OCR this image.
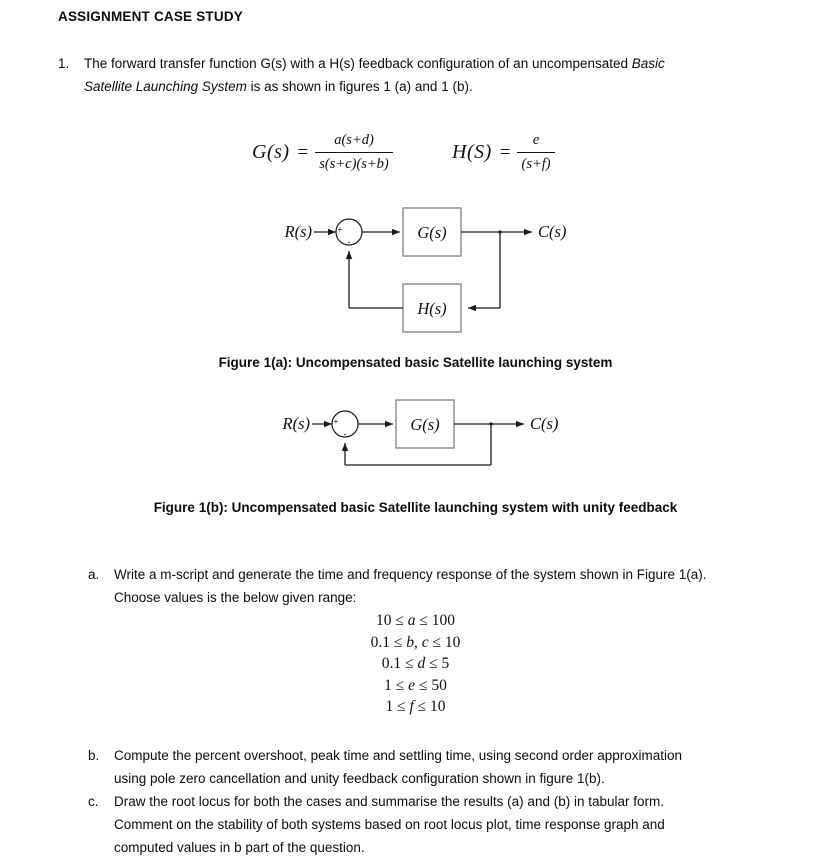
ASSIGNMENT CASE STUDY
1.	The forward transfer function G(s) with a H(s) feedback configuration of an uncompensated Basic
Satellite Launching System is as shown in figures 1 (a) and 1 (b).
$G(s) = \frac{a(s+d)}{s(s+c)(s+b)}$	$H(S) = \frac{e}{(s+f)}$
R(s)	C(s)
G(s)
H(s)
+
-
Figure 1(a): Uncompensated basic Satellite launching system
R(s)	C(s)
G(s)
+
-
Figure 1(b): Uncompensated basic Satellite launching system with unity feedback
a.	Write a m-script and generate the time and frequency response of the system shown in Figure 1(a).
Choose values is the below given range:
10 ≤ a ≤ 100
0.1 ≤ b, c ≤ 10
0.1 ≤ d ≤ 5
1 ≤ e ≤ 50
1 ≤ f ≤ 10
b.	Compute the percent overshoot, peak time and settling time, using second order approximation
using pole zero cancellation and unity feedback configuration shown in figure 1(b).
c.	Draw the root locus for both the cases and summarise the results (a) and (b) in tabular form.
Comment on the stability of both systems based on root locus plot, time response graph and
computed values in b part of the question.
